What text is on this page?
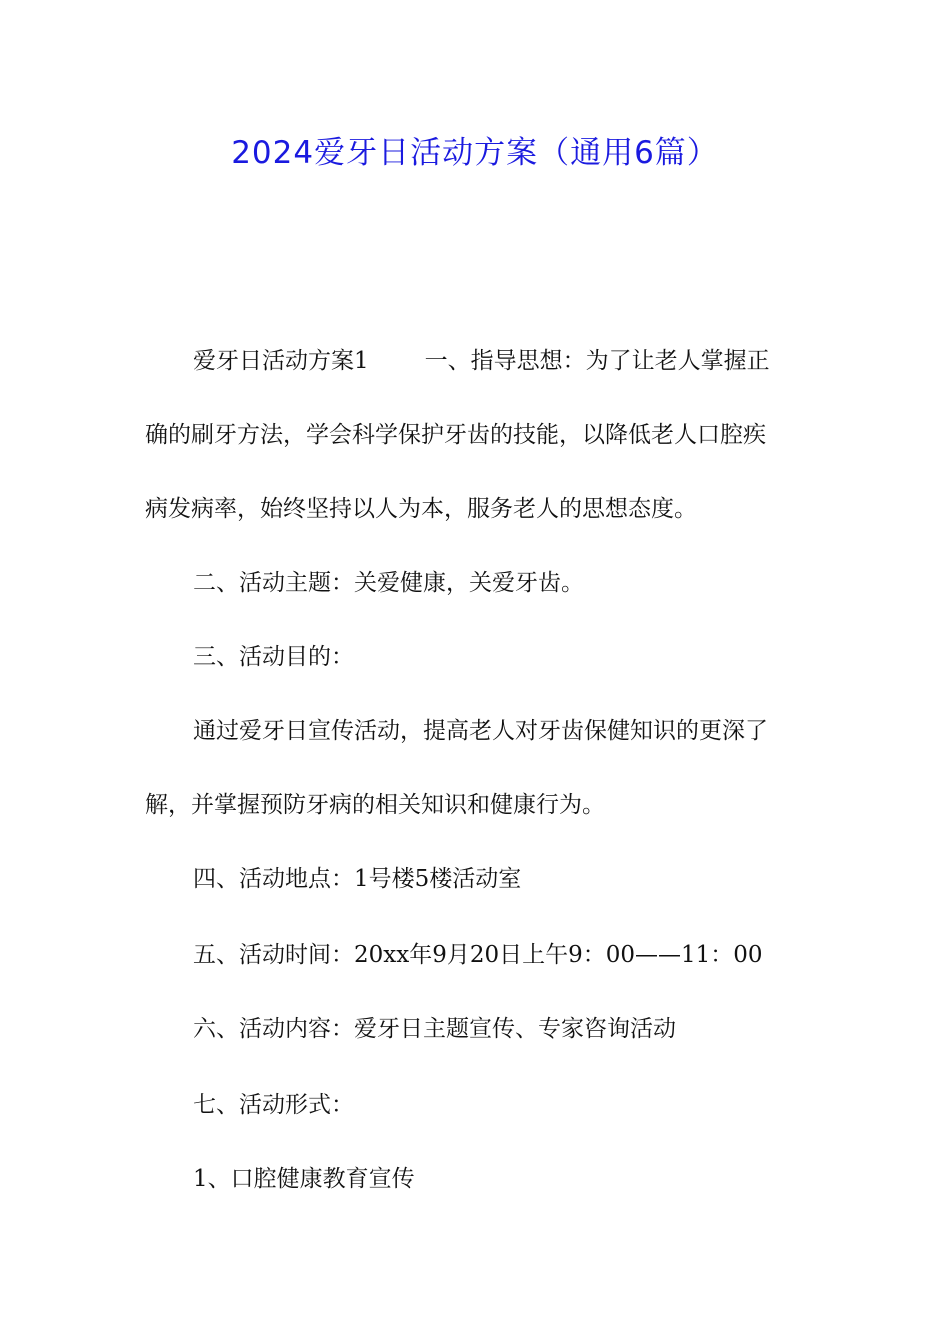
2024爱牙日活动方案（通用6篇）
爱牙日活动方案1 一、指导思想：为了让老人掌握正
确的刷牙方法，学会科学保护牙齿的技能，以降低老人口腔疾
病发病率，始终坚持以人为本，服务老人的思想态度。
二、活动主题：关爱健康，关爱牙齿。
三、活动目的：
通过爱牙日宣传活动，提高老人对牙齿保健知识的更深了
解，并掌握预防牙病的相关知识和健康行为。
四、活动地点：1号楼5楼活动室
五、活动时间：20xx年9月20日上午9：00——11：00
六、活动内容：爱牙日主题宣传、专家咨询活动
七、活动形式：
1、口腔健康教育宣传
